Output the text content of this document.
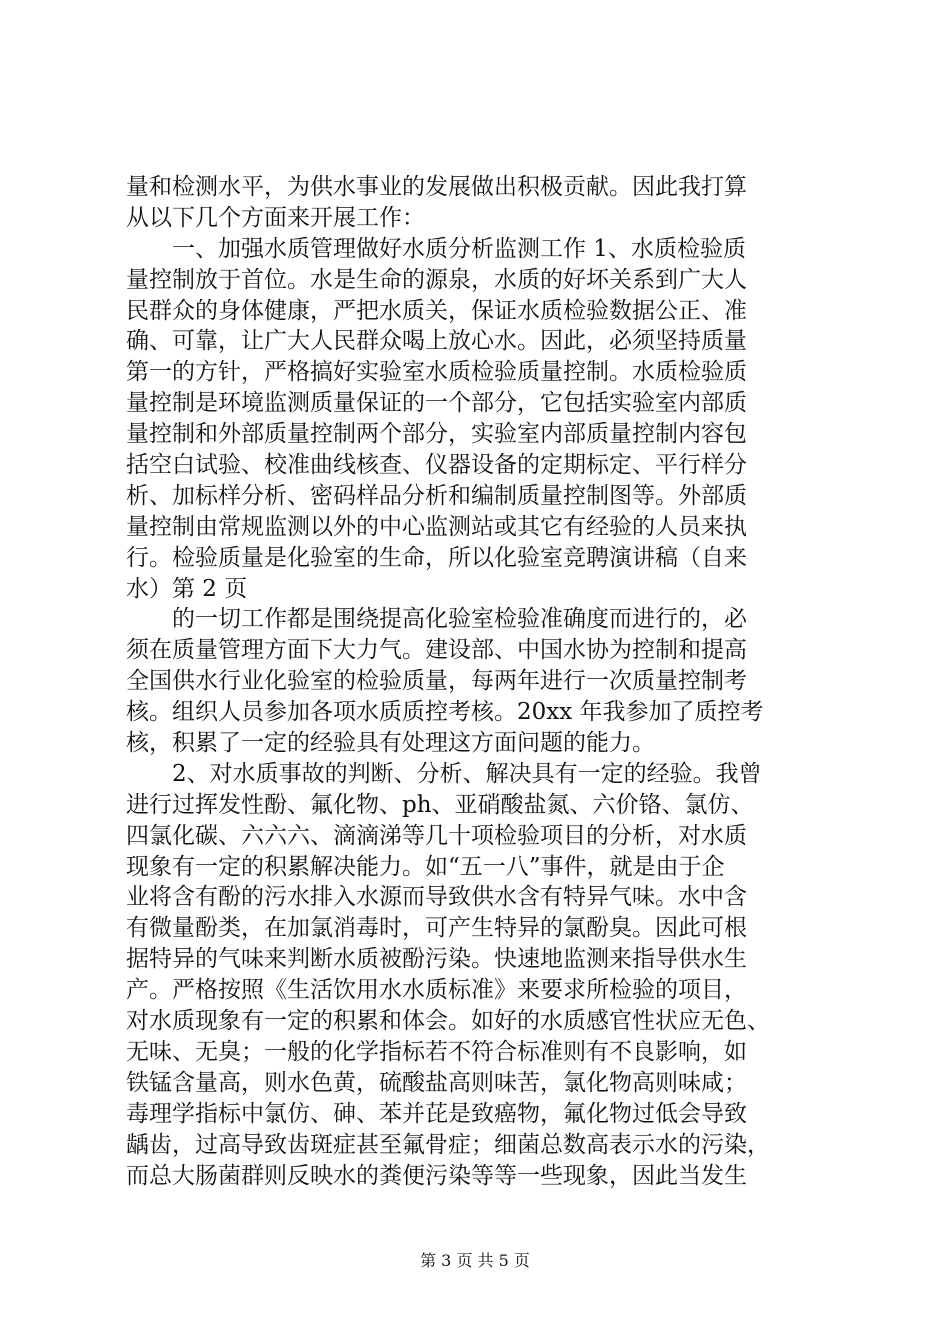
量和检测水平，为供水事业的发展做出积极贡献。因此我打算
从以下几个方面来开展工作：
　　一、加强水质管理做好水质分析监测工作 1、水质检验质
量控制放于首位。水是生命的源泉，水质的好坏关系到广大人
民群众的身体健康，严把水质关，保证水质检验数据公正、准
确、可靠，让广大人民群众喝上放心水。因此，必须坚持质量
第一的方针，严格搞好实验室水质检验质量控制。水质检验质
量控制是环境监测质量保证的一个部分，它包括实验室内部质
量控制和外部质量控制两个部分，实验室内部质量控制内容包
括空白试验、校准曲线核查、仪器设备的定期标定、平行样分
析、加标样分析、密码样品分析和编制质量控制图等。外部质
量控制由常规监测以外的中心监测站或其它有经验的人员来执
行。检验质量是化验室的生命，所以化验室竞聘演讲稿（自来
水）第 2 页
　　的一切工作都是围绕提高化验室检验准确度而进行的，必
须在质量管理方面下大力气。建设部、中国水协为控制和提高
全国供水行业化验室的检验质量，每两年进行一次质量控制考
核。组织人员参加各项水质质控考核。20xx 年我参加了质控考
核，积累了一定的经验具有处理这方面问题的能力。
　　2、对水质事故的判断、分析、解决具有一定的经验。我曾
进行过挥发性酚、氟化物、ph、亚硝酸盐氮、六价铬、氯仿、
四氯化碳、六六六、滴滴涕等几十项检验项目的分析，对水质
现象有一定的积累解决能力。如“五一八”事件，就是由于企
业将含有酚的污水排入水源而导致供水含有特异气味。水中含
有微量酚类，在加氯消毒时，可产生特异的氯酚臭。因此可根
据特异的气味来判断水质被酚污染。快速地监测来指导供水生
产。严格按照《生活饮用水水质标准》来要求所检验的项目，
对水质现象有一定的积累和体会。如好的水质感官性状应无色、
无味、无臭；一般的化学指标若不符合标准则有不良影响，如
铁锰含量高，则水色黄，硫酸盐高则味苦，氯化物高则味咸；
毒理学指标中氯仿、砷、苯并芘是致癌物，氟化物过低会导致
龋齿，过高导致齿斑症甚至氟骨症；细菌总数高表示水的污染，
而总大肠菌群则反映水的粪便污染等等一些现象，因此当发生
第 3 页 共 5 页
